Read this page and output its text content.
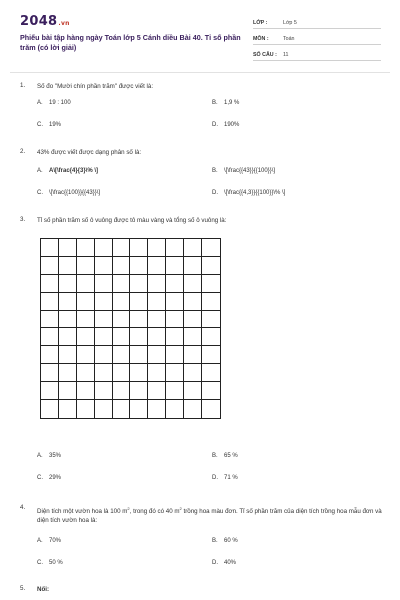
2048.vn
Phiếu bài tập hàng ngày Toán lớp 5 Cánh diều Bài 40. Tỉ số phần trăm (có lời giải)
LỚP :	Lớp 5
MÔN :	Toán
SỐ CÂU :	11
1.	Số đo "Mười chín phần trăm" được viết là:
A. 19 : 100	B. 1,9 %
C. 19%	D. 190%
2.	43% được viết được dạng phân số là:
A. A\[\frac{4}{3}\% \]	B. \[\frac{{43}}{{100}}\]
C. \[\frac{{100}}{{43}}\]	D. \[\frac{{4,3}}{{100}}\% \]
3.	Tỉ số phần trăm số ô vuông được tô màu vàng và tổng số ô vuông là:
A. 35%	B. 65 %
C. 29%	D. 71 %
4.
Diện tích một vườn hoa là 100 $m^2$, trong đó có 40 $m^2$ trồng hoa màu đơn. Tỉ số phần trăm của diện tích trồng hoa mẫu đơn và diện tích vườn hoa là:
A. 70%	B. 60 %
C. 50 %	D. 40%
5.	Nối:
